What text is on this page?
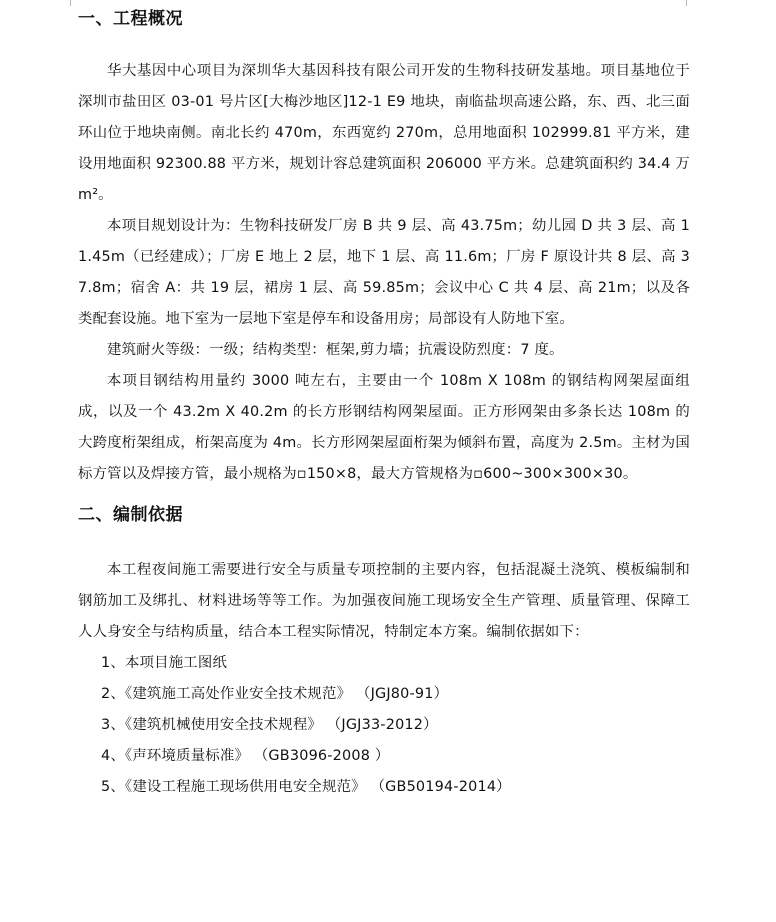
一、工程概况

华大基因中心项目为深圳华大基因科技有限公司开发的生物科技研发基地。项目基地位于深圳市盐田区 03-01 号片区[大梅沙地区]12-1 E9 地块，南临盐坝高速公路，东、西、北三面环山位于地块南侧。南北长约 470m，东西宽约 270m，总用地面积 102999.81 平方米，建设用地面积 92300.88 平方米，规划计容总建筑面积 206000 平方米。总建筑面积约 34.4 万m²。

本项目规划设计为：生物科技研发厂房 B 共 9 层、高 43.75m；幼儿园 D 共 3 层、高 11.45m（已经建成）；厂房 E 地上 2 层，地下 1 层、高 11.6m；厂房 F 原设计共 8 层、高 37.8m；宿舍 A：共 19 层，裙房 1 层、高 59.85m；会议中心 C 共 4 层、高 21m；以及各类配套设施。地下室为一层地下室是停车和设备用房；局部设有人防地下室。

建筑耐火等级：一级；结构类型：框架,剪力墙；抗震设防烈度：7 度。

本项目钢结构用量约 3000 吨左右，主要由一个 108m X 108m 的钢结构网架屋面组成，以及一个 43.2m X 40.2m 的长方形钢结构网架屋面。正方形网架由多条长达 108m 的大跨度桁架组成，桁架高度为 4m。长方形网架屋面桁架为倾斜布置，高度为 2.5m。主材为国标方管以及焊接方管，最小规格为▫150×8，最大方管规格为▫600~300×300×30。

二、编制依据

本工程夜间施工需要进行安全与质量专项控制的主要内容，包括混凝土浇筑、模板编制和钢筋加工及绑扎、材料进场等等工作。为加强夜间施工现场安全生产管理、质量管理、保障工人人身安全与结构质量，结合本工程实际情况，特制定本方案。编制依据如下：

1、本项目施工图纸
2、《建筑施工高处作业安全技术规范》 （JGJ80-91）
3、《建筑机械使用安全技术规程》 （JGJ33-2012）
4、《声环境质量标准》 （GB3096-2008 ）
5、《建设工程施工现场供用电安全规范》 （GB50194-2014）
